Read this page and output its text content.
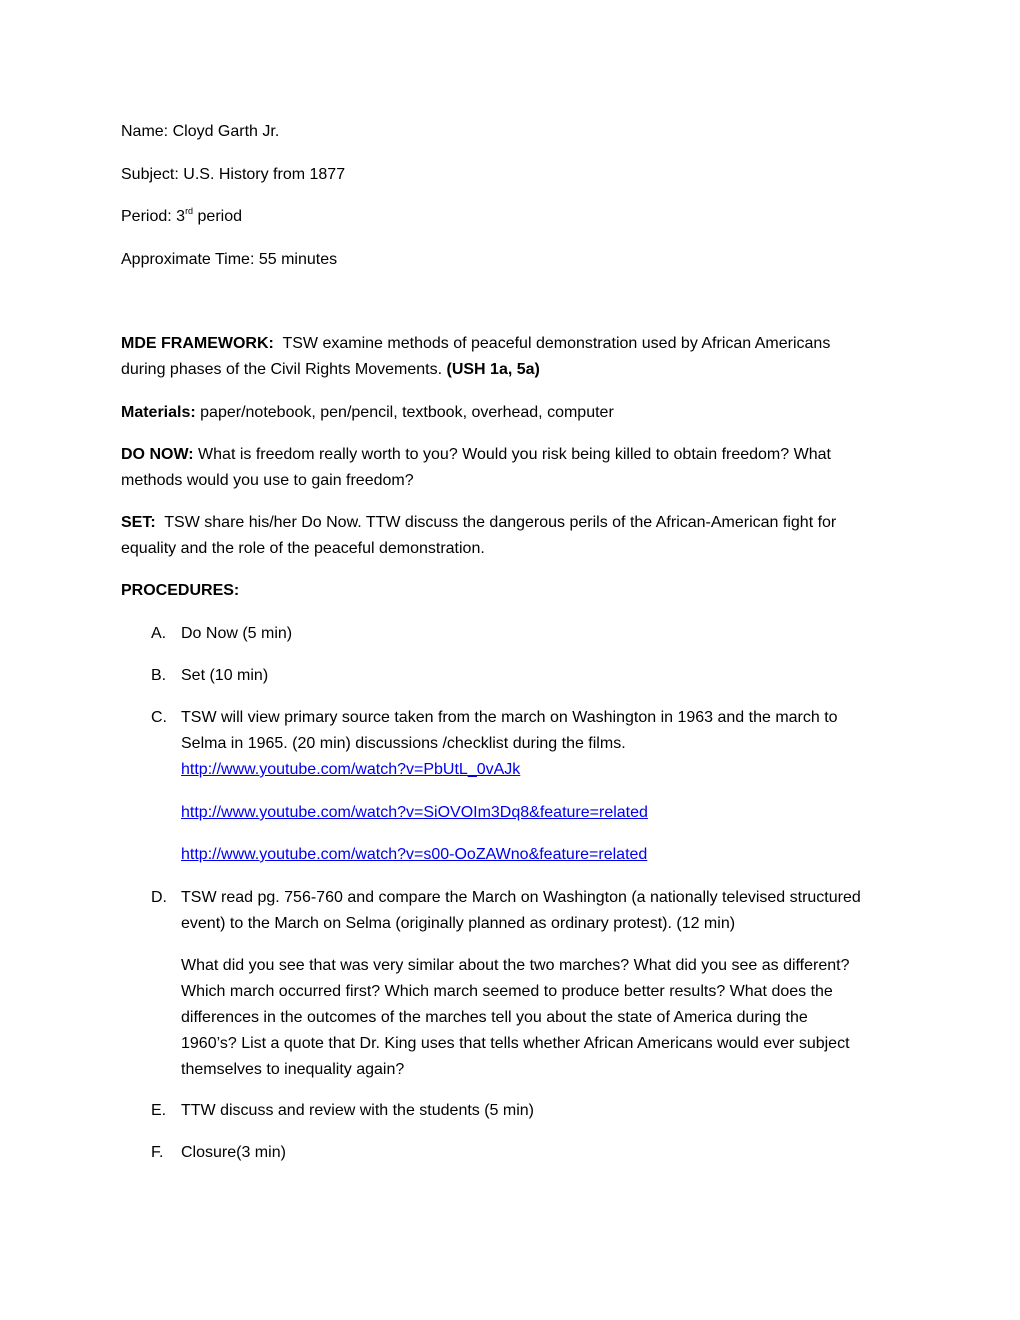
Name: Cloyd Garth Jr.
Subject: U.S. History from 1877
Period: 3rd period
Approximate Time: 55 minutes
MDE FRAMEWORK: TSW examine methods of peaceful demonstration used by African Americans
during phases of the Civil Rights Movements. (USH 1a, 5a)
Materials: paper/notebook, pen/pencil, textbook, overhead, computer
DO NOW: What is freedom really worth to you? Would you risk being killed to obtain freedom? What
methods would you use to gain freedom?
SET: TSW share his/her Do Now. TTW discuss the dangerous perils of the African-American fight for
equality and the role of the peaceful demonstration.
PROCEDURES:
A. Do Now (5 min)
B. Set (10 min)
C. TSW will view primary source taken from the march on Washington in 1963 and the march to
Selma in 1965. (20 min) discussions /checklist during the films.
http://www.youtube.com/watch?v=PbUtL_0vAJk
http://www.youtube.com/watch?v=SiOVOIm3Dq8&feature=related
http://www.youtube.com/watch?v=s00-OoZAWno&feature=related
D. TSW read pg. 756-760 and compare the March on Washington (a nationally televised structured
event) to the March on Selma (originally planned as ordinary protest). (12 min)
What did you see that was very similar about the two marches? What did you see as different?
Which march occurred first? Which march seemed to produce better results? What does the
differences in the outcomes of the marches tell you about the state of America during the
1960’s? List a quote that Dr. King uses that tells whether African Americans would ever subject
themselves to inequality again?
E. TTW discuss and review with the students (5 min)
F. Closure(3 min)
